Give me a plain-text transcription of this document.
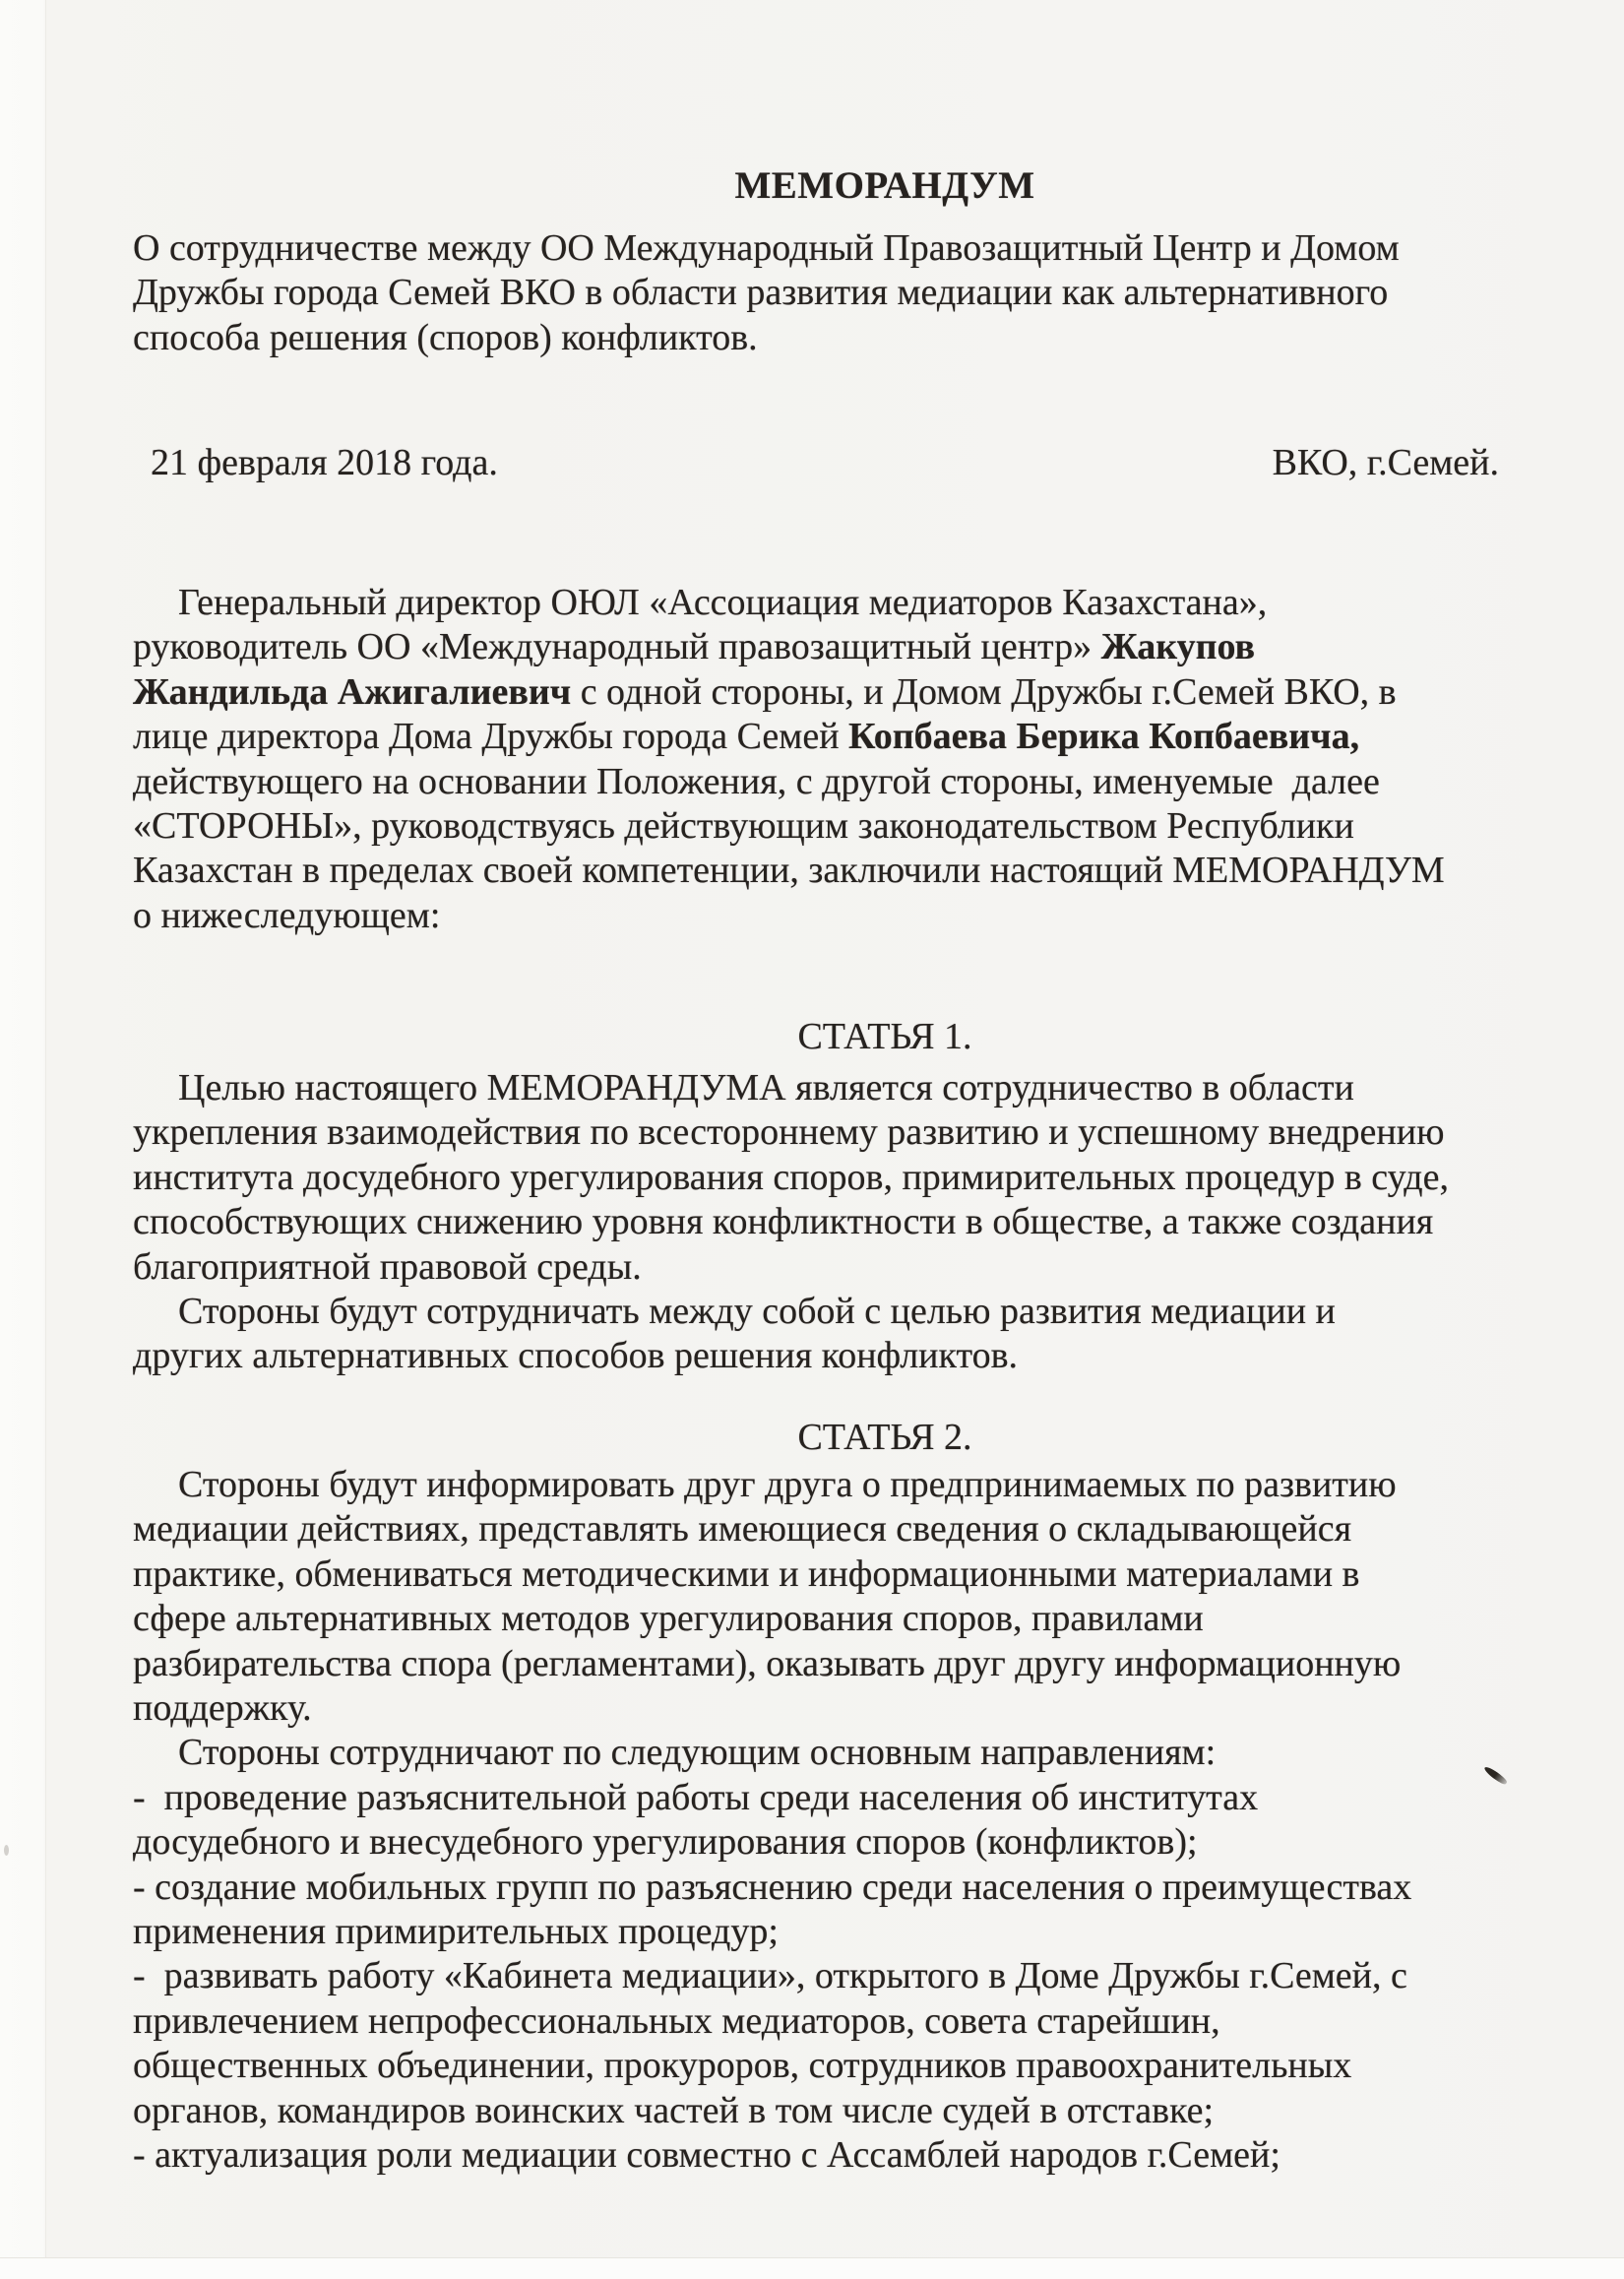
МЕМОРАНДУМ
О сотрудничестве между ОО Международный Правозащитный Центр и Домом
Дружбы города Семей ВКО в области развития медиации как альтернативного
способа решения (споров) конфликтов.
21 февраля 2018 года.	ВКО, г.Семей.
Генеральный директор ОЮЛ «Ассоциация медиаторов Казахстана»,
руководитель ОО «Международный правозащитный центр» Жакупов
Жандильда Ажигалиевич с одной стороны, и Домом Дружбы г.Семей ВКО, в
лице директора Дома Дружбы города Семей Копбаева Берика Копбаевича,
действующего на основании Положения, с другой стороны, именуемые  далее
«СТОРОНЫ», руководствуясь действующим законодательством Республики
Казахстан в пределах своей компетенции, заключили настоящий МЕМОРАНДУМ
о нижеследующем:
СТАТЬЯ 1.
Целью настоящего МЕМОРАНДУМА является сотрудничество в области
укрепления взаимодействия по всестороннему развитию и успешному внедрению
института досудебного урегулирования споров, примирительных процедур в суде,
способствующих снижению уровня конфликтности в обществе, а также создания
благоприятной правовой среды.
Стороны будут сотрудничать между собой с целью развития медиации и
других альтернативных способов решения конфликтов.
СТАТЬЯ 2.
Стороны будут информировать друг друга о предпринимаемых по развитию
медиации действиях, представлять имеющиеся сведения о складывающейся
практике, обмениваться методическими и информационными материалами в
сфере альтернативных методов урегулирования споров, правилами
разбирательства спора (регламентами), оказывать друг другу информационную
поддержку.
Стороны сотрудничают по следующим основным направлениям:
-  проведение разъяснительной работы среди населения об институтах
досудебного и внесудебного урегулирования споров (конфликтов);
- создание мобильных групп по разъяснению среди населения о преимуществах
применения примирительных процедур;
-  развивать работу «Кабинета медиации», открытого в Доме Дружбы г.Семей, с
привлечением непрофессиональных медиаторов, совета старейшин,
общественных объединении, прокуроров, сотрудников правоохранительных
органов, командиров воинских частей в том числе судей в отставке;
- актуализация роли медиации совместно с Ассамблей народов г.Семей;
